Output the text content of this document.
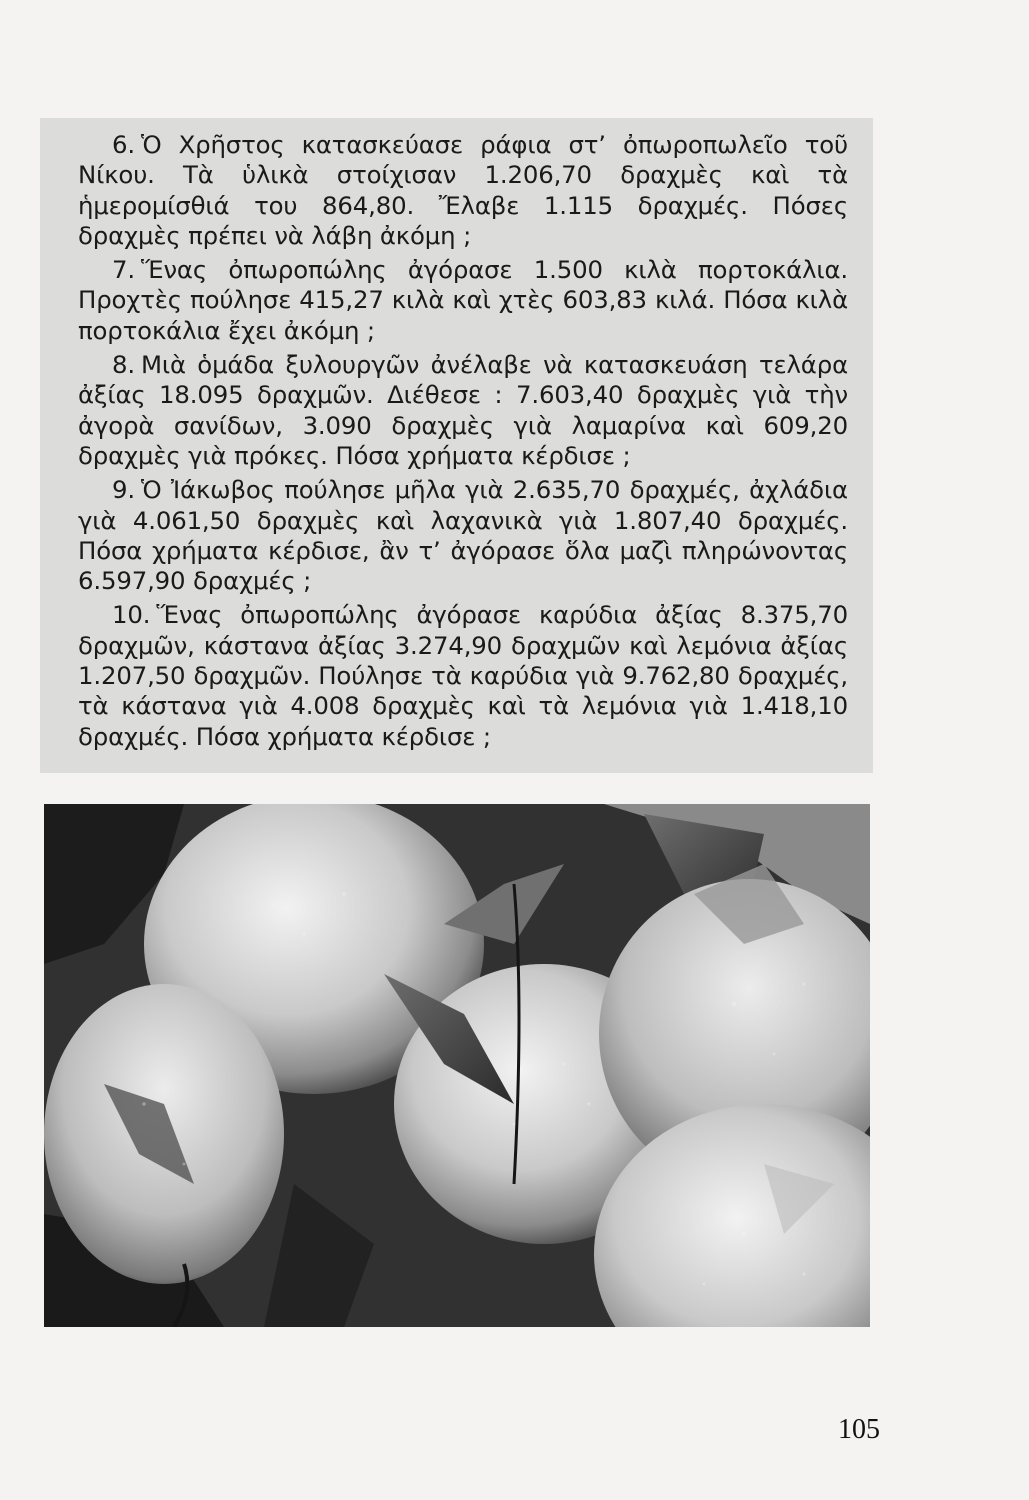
6. Ὁ Χρῆστος κατασκεύασε ράφια στ’ ὀπωροπωλεῖο τοῦ Νίκου. Τὰ ὑλικὰ στοίχισαν 1.206,70 δραχμὲς καὶ τὰ ἡμερομίσθιά του 864,80. Ἔλαβε 1.115 δραχμές. Πόσες δραχμὲς πρέπει νὰ λάβη ἀκόμη ;

7. Ἕνας ὀπωροπώλης ἀγόρασε 1.500 κιλὰ πορτοκάλια. Προχτὲς πούλησε 415,27 κιλὰ καὶ χτὲς 603,83 κιλά. Πόσα κιλὰ πορτοκάλια ἔχει ἀκόμη ;

8. Μιὰ ὁμάδα ξυλουργῶν ἀνέλαβε νὰ κατασκευάση τελάρα ἀξίας 18.095 δραχμῶν. Διέθεσε : 7.603,40 δραχμὲς γιὰ τὴν ἀγορὰ σανίδων, 3.090 δραχμὲς γιὰ λαμαρίνα καὶ 609,20 δραχμὲς γιὰ πρόκες. Πόσα χρήματα κέρδισε ;

9. Ὁ Ἰάκωβος πούλησε μῆλα γιὰ 2.635,70 δραχμές, ἀχλάδια γιὰ 4.061,50 δραχμὲς καὶ λαχανικὰ γιὰ 1.807,40 δραχμές. Πόσα χρήματα κέρδισε, ἂν τ’ ἀγόρασε ὅλα μαζὶ πληρώνοντας 6.597,90 δραχμές ;

10. Ἕνας ὀπωροπώλης ἀγόρασε καρύδια ἀξίας 8.375,70 δραχμῶν, κάστανα ἀξίας 3.274,90 δραχμῶν καὶ λεμόνια ἀξίας 1.207,50 δραχμῶν. Πούλησε τὰ καρύδια γιὰ 9.762,80 δραχμές, τὰ κάστανα γιὰ 4.008 δραχμὲς καὶ τὰ λεμόνια γιὰ 1.418,10 δραχμές. Πόσα χρήματα κέρδισε ;

105
